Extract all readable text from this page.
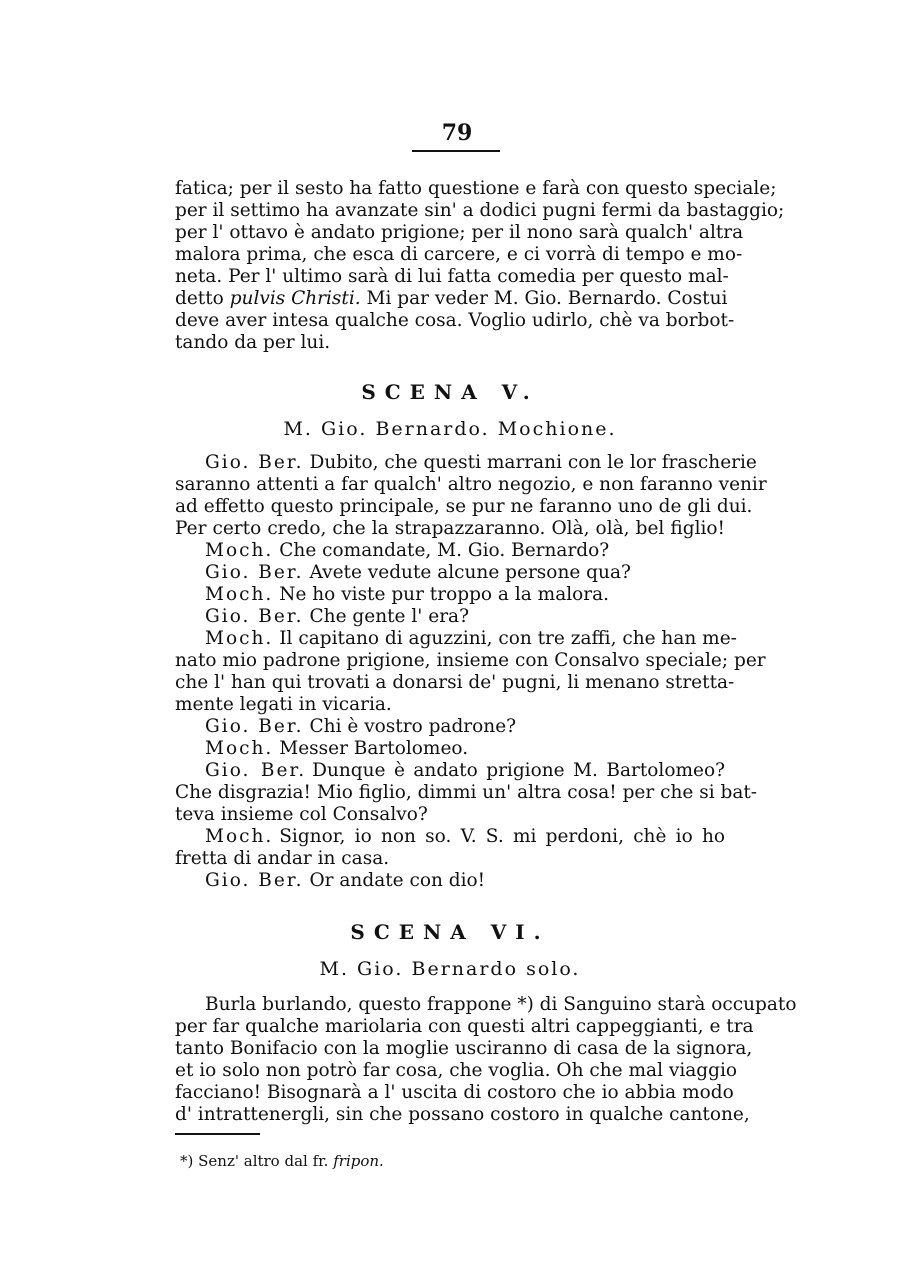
79
fatica; per il sesto ha fatto questione e farà con questo speciale;
per il settimo ha avanzate sin' a dodici pugni fermi da bastaggio;
per l' ottavo è andato prigione; per il nono sarà qualch' altra
malora prima, che esca di carcere, e ci vorrà di tempo e mo-
neta. Per l' ultimo sarà di lui fatta comedia per questo mal-
detto pulvis Christi. Mi par veder M. Gio. Bernardo. Costui
deve aver intesa qualche cosa. Voglio udirlo, chè va borbot-
tando da per lui.
SCENA V.
M. Gio. Bernardo. Mochione.
Gio. Ber. Dubito, che questi marrani con le lor frascherie
saranno attenti a far qualch' altro negozio, e non faranno venir
ad effetto questo principale, se pur ne faranno uno de gli dui.
Per certo credo, che la strapazzaranno. Olà, olà, bel figlio!
Moch. Che comandate, M. Gio. Bernardo?
Gio. Ber. Avete vedute alcune persone qua?
Moch. Ne ho viste pur troppo a la malora.
Gio. Ber. Che gente l' era?
Moch. Il capitano di aguzzini, con tre zaffi, che han me-
nato mio padrone prigione, insieme con Consalvo speciale; per
che l' han qui trovati a donarsi de' pugni, li menano stretta-
mente legati in vicaria.
Gio. Ber. Chi è vostro padrone?
Moch. Messer Bartolomeo.
Gio. Ber. Dunque è andato prigione M. Bartolomeo?
Che disgrazia! Mio figlio, dimmi un' altra cosa! per che si bat-
teva insieme col Consalvo?
Moch. Signor, io non so. V. S. mi perdoni, chè io ho
fretta di andar in casa.
Gio. Ber. Or andate con dio!
SCENA VI.
M. Gio. Bernardo solo.
Burla burlando, questo frappone *) di Sanguino starà occupato
per far qualche mariolaria con questi altri cappeggianti, e tra
tanto Bonifacio con la moglie usciranno di casa de la signora,
et io solo non potrò far cosa, che voglia. Oh che mal viaggio
facciano! Bisognarà a l' uscita di costoro che io abbia modo
d' intrattenergli, sin che possano costoro in qualche cantone,
*) Senz' altro dal fr. fripon.
